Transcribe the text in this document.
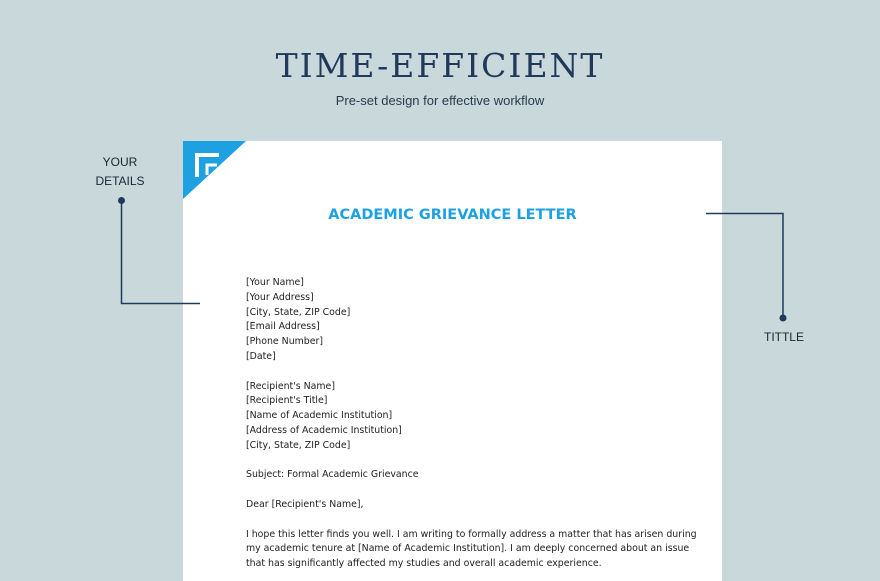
TIME-EFFICIENT
Pre-set design for effective workflow
YOUR
DETAILS
TITTLE
ACADEMIC GRIEVANCE LETTER
[Your Name]
[Your Address]
[City, State, ZIP Code]
[Email Address]
[Phone Number]
[Date]
[Recipient's Name]
[Recipient's Title]
[Name of Academic Institution]
[Address of Academic Institution]
[City, State, ZIP Code]
Subject: Formal Academic Grievance
Dear [Recipient's Name],
I hope this letter finds you well. I am writing to formally address a matter that has arisen during
my academic tenure at [Name of Academic Institution]. I am deeply concerned about an issue
that has significantly affected my studies and overall academic experience.
